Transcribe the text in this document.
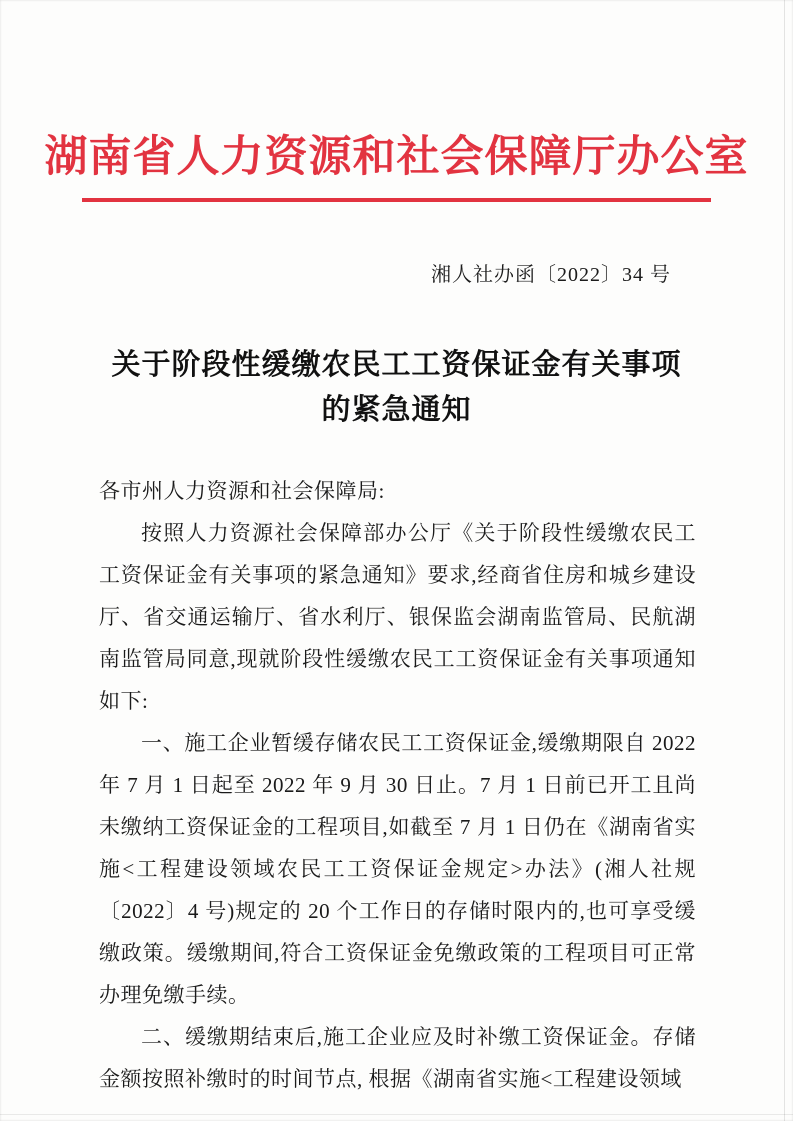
湖南省人力资源和社会保障厅办公室
湘人社办函〔2022〕34 号
关于阶段性缓缴农民工工资保证金有关事项
的紧急通知

各市州人力资源和社会保障局:

按照人力资源社会保障部办公厅《关于阶段性缓缴农民工工资保证金有关事项的紧急通知》要求,经商省住房和城乡建设厅、省交通运输厅、省水利厅、银保监会湖南监管局、民航湖南监管局同意,现就阶段性缓缴农民工工资保证金有关事项通知如下:

一、施工企业暂缓存储农民工工资保证金,缓缴期限自 2022 年 7 月 1 日起至 2022 年 9 月 30 日止。7 月 1 日前已开工且尚未缴纳工资保证金的工程项目,如截至 7 月 1 日仍在《湖南省实施<工程建设领域农民工工资保证金规定>办法》(湘人社规〔2022〕4 号)规定的 20 个工作日的存储时限内的,也可享受缓缴政策。缓缴期间,符合工资保证金免缴政策的工程项目可正常办理免缴手续。

二、缓缴期结束后,施工企业应及时补缴工资保证金。存储金额按照补缴时的时间节点, 根据《湖南省实施<工程建设领域
